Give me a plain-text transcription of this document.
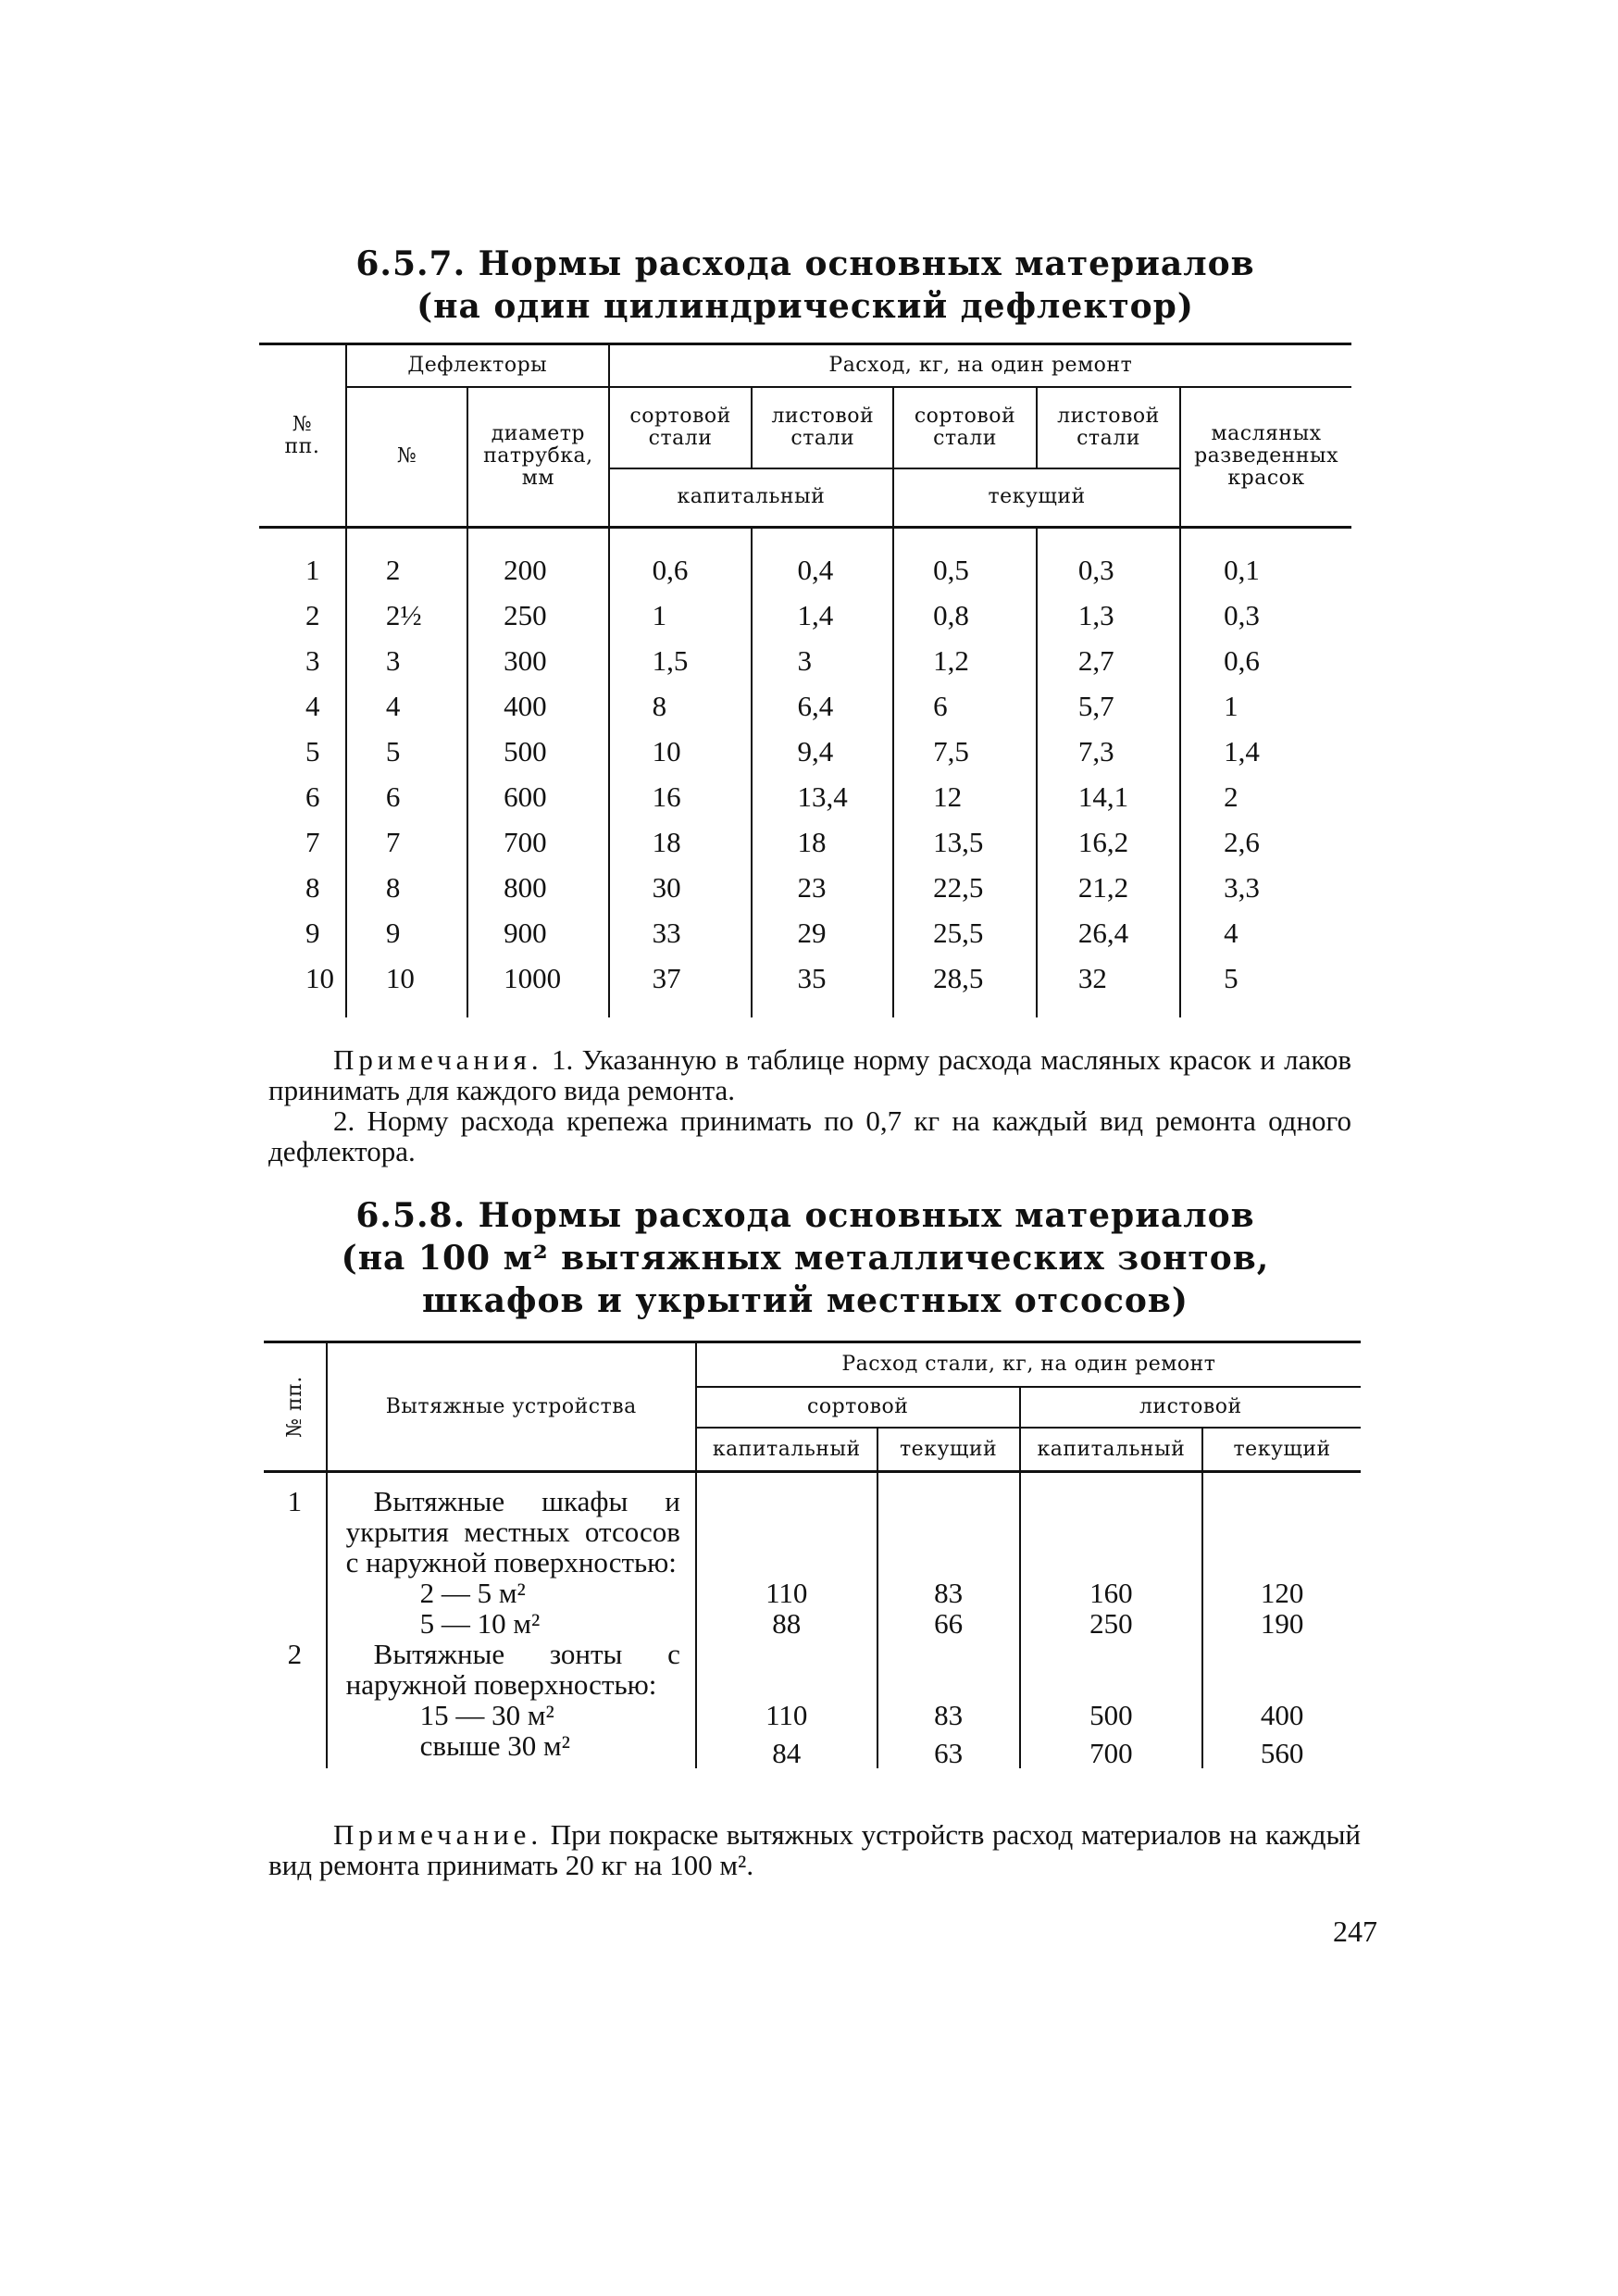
6.5.7. Нормы расхода основных материалов
(на один цилиндрический дефлектор)
№ пп.	Дефлекторы		Расход, кг, на один ремонт				
	№	диаметр патрубка, мм	сортовой стали	листовой стали	сортовой стали	листовой стали	масляных разведенных красок
			капитальный		текущий		
1	2	200	0,6	0,4	0,5	0,3	0,1
2	2½	250	1	1,4	0,8	1,3	0,3
3	3	300	1,5	3	1,2	2,7	0,6
4	4	400	8	6,4	6	5,7	1
5	5	500	10	9,4	7,5	7,3	1,4
6	6	600	16	13,4	12	14,1	2
7	7	700	18	18	13,5	16,2	2,6
8	8	800	30	23	22,5	21,2	3,3
9	9	900	33	29	25,5	26,4	4
10	10	1000	37	35	28,5	32	5
Примечания. 1. Указанную в таблице норму расхода масляных красок и лаков принимать для каждого вида ремонта.
2. Норму расхода крепежа принимать по 0,7 кг на каждый вид ремонта одного дефлектора.
6.5.8. Нормы расхода основных материалов
(на 100 м² вытяжных металлических зонтов,
шкафов и укрытий местных отсосов)
№ пп.	Вытяжные устройства	Расход стали, кг, на один ремонт			
		сортовой		листовой	
		капитальный	текущий	капитальный	текущий
1	Вытяжные шкафы и укрытия местных отсосов с наружной поверхностью:				
	2 — 5 м²	110	83	160	120
	5 — 10 м²	88	66	250	190
2	Вытяжные зонты с наружной поверхностью:				
	15 — 30 м²	110	83	500	400
	свыше 30 м²	84	63	700	560
Примечание. При покраске вытяжных устройств расход материалов на каждый вид ремонта принимать 20 кг на 100 м².
247
